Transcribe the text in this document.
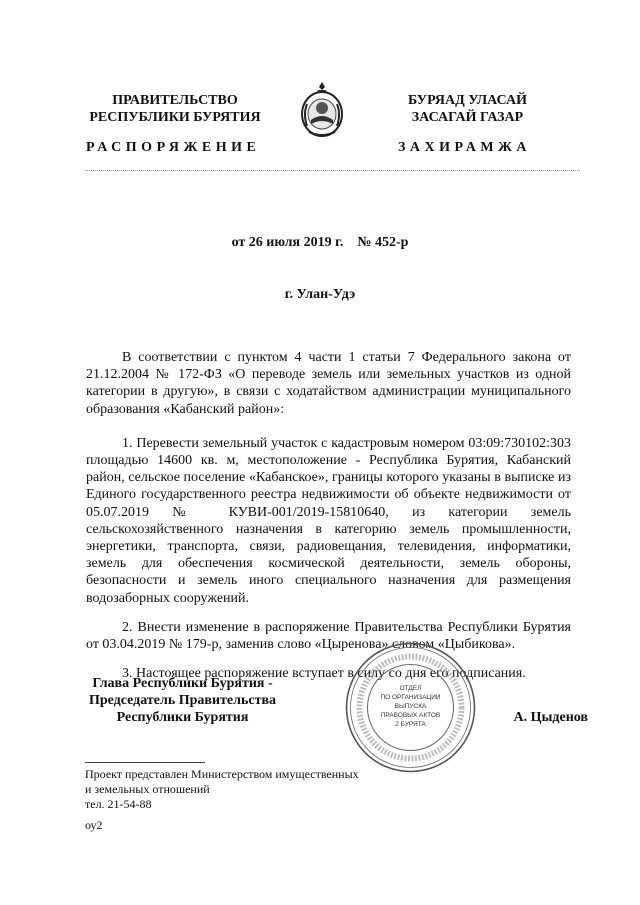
ПРАВИТЕЛЬСТВО
РЕСПУБЛИКИ БУРЯТИЯ
БУРЯАД УЛАСАЙ
ЗАСАГАЙ ГАЗАР
РАСПОРЯЖЕНИЕ	ЗАХИРАМЖА
от 26 июля 2019 г.    № 452-р
г. Улан-Удэ
В соответствии с пунктом 4 части 1 статьи 7 Федерального закона от 21.12.2004 № 172-ФЗ «О переводе земель или земельных участков из одной категории в другую», в связи с ходатайством администрации муниципального образования «Кабанский район»:
1. Перевести земельный участок с кадастровым номером 03:09:730102:303 площадью 14600 кв. м, местоположение - Республика Бурятия, Кабанский район, сельское поселение «Кабанское», границы которого указаны в выписке из Единого государственного реестра недвижимости об объекте недвижимости от 05.07.2019 № КУВИ-001/2019-15810640, из категории земель сельскохозяйственного назначения в категорию земель промышленности, энергетики, транспорта, связи, радиовещания, телевидения, информатики, земель для обеспечения космической деятельности, земель обороны, безопасности и земель иного специального назначения для размещения водозаборных сооружений.
2. Внести изменение в распоряжение Правительства Республики Бурятия от 03.04.2019 № 179-р, заменив слово «Цыренова» словом «Цыбикова».
3. Настоящее распоряжение вступает в силу со дня его подписания.
Глава Республики Бурятия -
Председатель Правительства
Республики Бурятия
ОТДЕЛ
ПО ОРГАНИЗАЦИИ
ВЫПУСКА
ПРАВОВЫХ АКТОВ
2 БУРЯТА	А. Цыденов
Проект представлен Министерством имущественных
и земельных отношений
тел. 21-54-88
оу2
